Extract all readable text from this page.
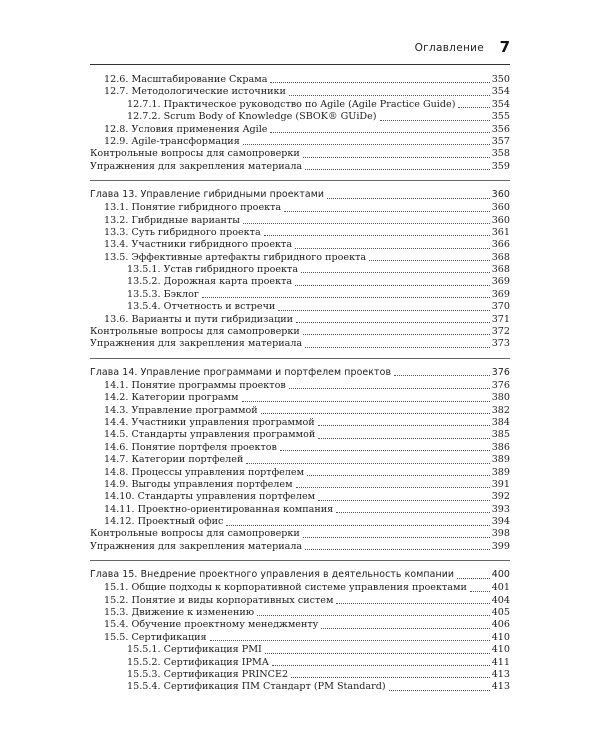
Оглавление 7
12.6. Масштабирование Скрама	350
12.7. Методологические источники	354
12.7.1. Практическое руководство по Agile (Agile Practice Guide)	354
12.7.2. Scrum Body of Knowledge (SBOK® GUiDe)	355
12.8. Условия применения Agile	356
12.9. Agile-трансформация	357
Контрольные вопросы для самопроверки	358
Упражнения для закрепления материала	359
Глава 13. Управление гибридными проектами	360
13.1. Понятие гибридного проекта	360
13.2. Гибридные варианты	360
13.3. Суть гибридного проекта	361
13.4. Участники гибридного проекта	366
13.5. Эффективные артефакты гибридного проекта	368
13.5.1. Устав гибридного проекта	368
13.5.2. Дорожная карта проекта	369
13.5.3. Бэклог	369
13.5.4. Отчетность и встречи	370
13.6. Варианты и пути гибридизации	371
Контрольные вопросы для самопроверки	372
Упражнения для закрепления материала	373
Глава 14. Управление программами и портфелем проектов	376
14.1. Понятие программы проектов	376
14.2. Категории программ	380
14.3. Управление программой	382
14.4. Участники управления программой	384
14.5. Стандарты управления программой	385
14.6. Понятие портфеля проектов	386
14.7. Категории портфелей	389
14.8. Процессы управления портфелем	389
14.9. Выгоды управления портфелем	391
14.10. Стандарты управления портфелем	392
14.11. Проектно-ориентированная компания	393
14.12. Проектный офис	394
Контрольные вопросы для самопроверки	398
Упражнения для закрепления материала	399
Глава 15. Внедрение проектного управления в деятельность компании	400
15.1. Общие подходы к корпоративной системе управления проектами	401
15.2. Понятие и виды корпоративных систем	404
15.3. Движение к изменению	405
15.4. Обучение проектному менеджменту	406
15.5. Сертификация	410
15.5.1. Сертификация PMI	410
15.5.2. Сертификация IPMA	411
15.5.3. Сертификация PRINCE2	413
15.5.4. Сертификация ПМ Стандарт (PM Standard)	413
